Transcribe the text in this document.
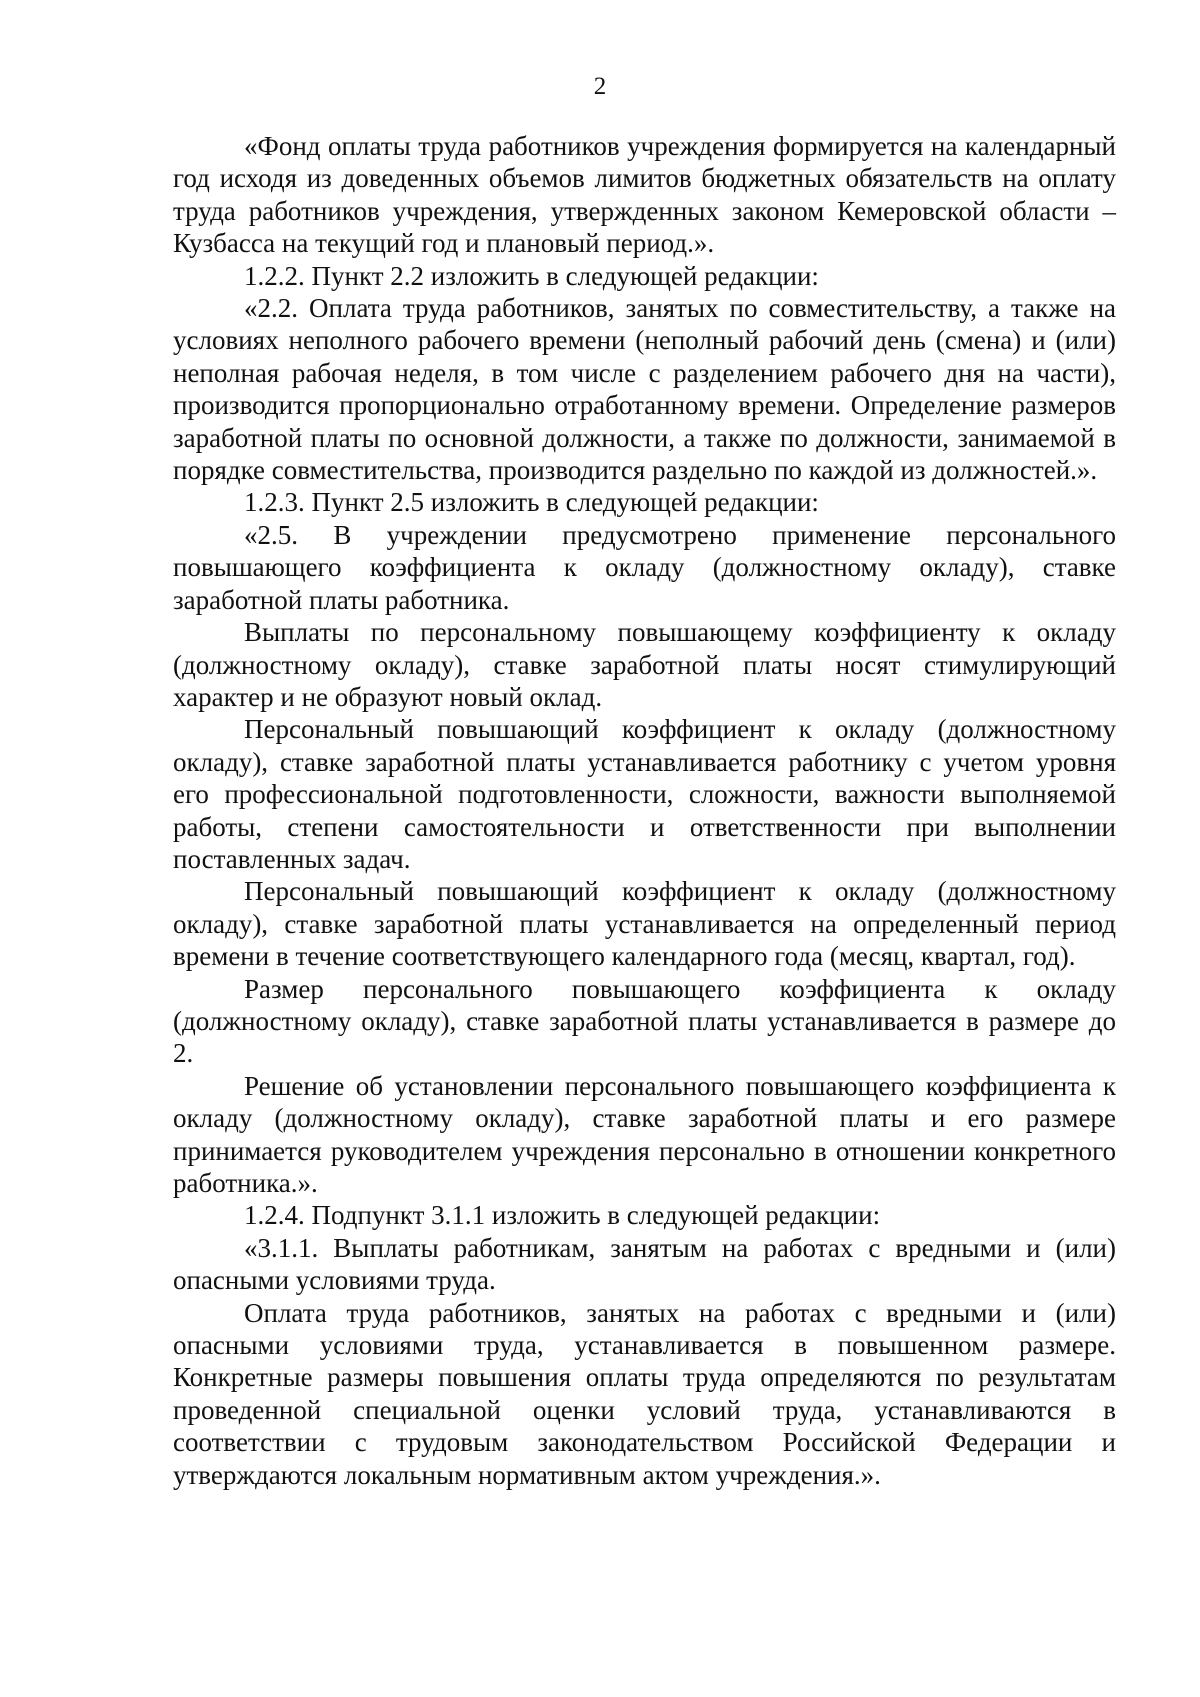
2

«Фонд оплаты труда работников учреждения формируется на календарный год исходя из доведенных объемов лимитов бюджетных обязательств на оплату труда работников учреждения, утвержденных законом Кемеровской области – Кузбасса на текущий год и плановый период.».

1.2.2. Пункт 2.2 изложить в следующей редакции:

«2.2. Оплата труда работников, занятых по совместительству, а также на условиях неполного рабочего времени (неполный рабочий день (смена) и (или) неполная рабочая неделя, в том числе с разделением рабочего дня на части), производится пропорционально отработанному времени. Определение размеров заработной платы по основной должности, а также по должности, занимаемой в порядке совместительства, производится раздельно по каждой из должностей.».

1.2.3. Пункт 2.5 изложить в следующей редакции:

«2.5. В учреждении предусмотрено применение персонального повышающего коэффициента к окладу (должностному окладу), ставке заработной платы работника.

Выплаты по персональному повышающему коэффициенту к окладу (должностному окладу), ставке заработной платы носят стимулирующий характер и не образуют новый оклад.

Персональный повышающий коэффициент к окладу (должностному окладу), ставке заработной платы устанавливается работнику с учетом уровня его профессиональной подготовленности, сложности, важности выполняемой работы, степени самостоятельности и ответственности при выполнении поставленных задач.

Персональный повышающий коэффициент к окладу (должностному окладу), ставке заработной платы устанавливается на определенный период времени в течение соответствующего календарного года (месяц, квартал, год).

Размер персонального повышающего коэффициента к окладу (должностному окладу), ставке заработной платы устанавливается в размере до 2.

Решение об установлении персонального повышающего коэффициента к окладу (должностному окладу), ставке заработной платы и его размере принимается руководителем учреждения персонально в отношении конкретного работника.».

1.2.4. Подпункт 3.1.1 изложить в следующей редакции:

«3.1.1. Выплаты работникам, занятым на работах с вредными и (или) опасными условиями труда.

Оплата труда работников, занятых на работах с вредными и (или) опасными условиями труда, устанавливается в повышенном размере. Конкретные размеры повышения оплаты труда определяются по результатам проведенной специальной оценки условий труда, устанавливаются в соответствии с трудовым законодательством Российской Федерации и утверждаются локальным нормативным актом учреждения.».
